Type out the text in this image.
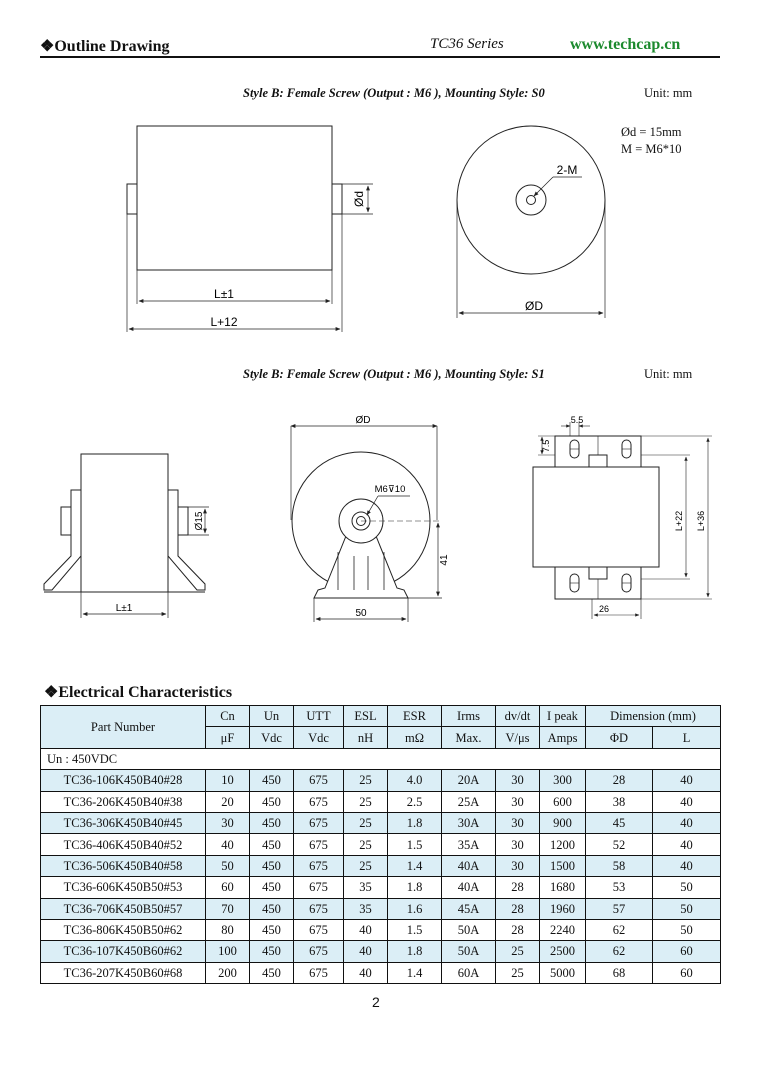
❖Outline Drawing	TC36 Series	www.techcap.cn
Style B: Female Screw (Output : M6 ), Mounting Style: S0	Unit: mm
Ød = 15mm
M = M6*10
Style B: Female Screw (Output : M6 ), Mounting Style: S1	Unit: mm
Ød
L±1
L+12
2-M
ØD
Ø15
L±1
ØD
M6⊽10
41
50
5.5
7.5
L+22 L+36
26
❖Electrical Characteristics
Part Number	Cn	Un	UTT	ESL	ESR	Irms	dv/dt	I peak	Dimension (mm)	
	μF	Vdc	Vdc	nH	mΩ	Max.	V/μs	Amps	ΦD	L
Un : 450VDC										
TC36-106K450B40#28	10	450	675	25	4.0	20A	30	300	28	40
TC36-206K450B40#38	20	450	675	25	2.5	25A	30	600	38	40
TC36-306K450B40#45	30	450	675	25	1.8	30A	30	900	45	40
TC36-406K450B40#52	40	450	675	25	1.5	35A	30	1200	52	40
TC36-506K450B40#58	50	450	675	25	1.4	40A	30	1500	58	40
TC36-606K450B50#53	60	450	675	35	1.8	40A	28	1680	53	50
TC36-706K450B50#57	70	450	675	35	1.6	45A	28	1960	57	50
TC36-806K450B50#62	80	450	675	40	1.5	50A	28	2240	62	50
TC36-107K450B60#62	100	450	675	40	1.8	50A	25	2500	62	60
TC36-207K450B60#68	200	450	675	40	1.4	60A	25	5000	68	60
2
